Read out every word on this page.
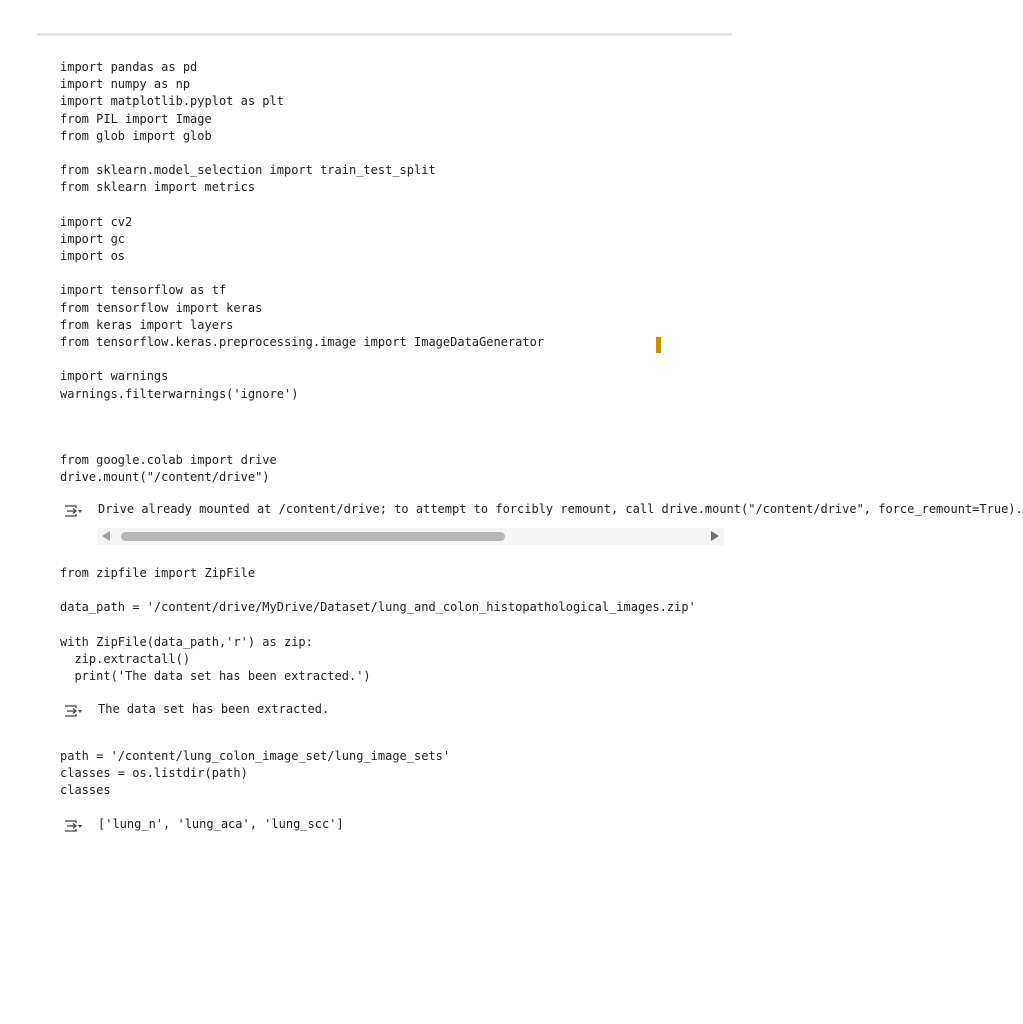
import pandas as pd
import numpy as np
import matplotlib.pyplot as plt
from PIL import Image
from glob import glob
from sklearn.model_selection import train_test_split
from sklearn import metrics
import cv2
import gc
import os
import tensorflow as tf
from tensorflow import keras
from keras import layers
from tensorflow.keras.preprocessing.image import ImageDataGenerator
import warnings
warnings.filterwarnings('ignore')
from google.colab import drive
drive.mount("/content/drive")
Drive already mounted at /content/drive; to attempt to forcibly remount, call drive.mount("/content/drive", force_remount=True).
from zipfile import ZipFile
data_path = '/content/drive/MyDrive/Dataset/lung_and_colon_histopathological_images.zip'
with ZipFile(data_path,'r') as zip:
zip.extractall()
print('The data set has been extracted.')
The data set has been extracted.
path = '/content/lung_colon_image_set/lung_image_sets'
classes = os.listdir(path)
classes
['lung_n', 'lung_aca', 'lung_scc']
